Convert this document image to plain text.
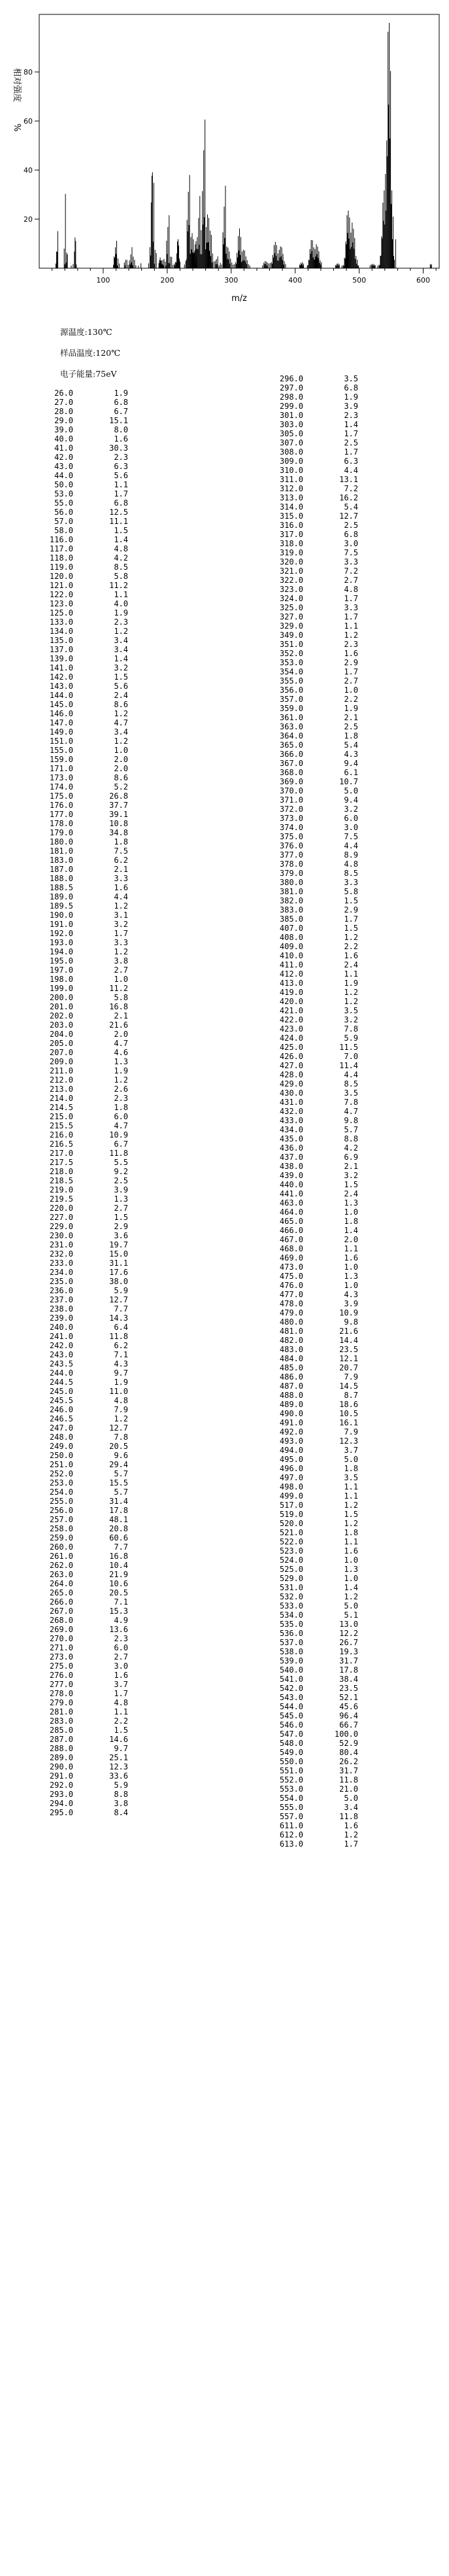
20
40
60
80
100	200	300	400	500	600
相对强度
%
m/z
源温度:130℃
样品温度:120℃
电子能量:75eV
26.0	1.9
27.0	6.8
28.0	6.7
29.0	15.1
39.0	8.0
40.0	1.6
41.0	30.3
42.0	2.3
43.0	6.3
44.0	5.6
50.0	1.1
53.0	1.7
55.0	6.8
56.0	12.5
57.0	11.1
58.0	1.5
116.0	1.4
117.0	4.8
118.0	4.2
119.0	8.5
120.0	5.8
121.0	11.2
122.0	1.1
123.0	4.0
125.0	1.9
133.0	2.3
134.0	1.2
135.0	3.4
137.0	3.4
139.0	1.4
141.0	3.2
142.0	1.5
143.0	5.6
144.0	2.4
145.0	8.6
146.0	1.2
147.0	4.7
149.0	3.4
151.0	1.2
155.0	1.0
159.0	2.0
171.0	2.0
173.0	8.6
174.0	5.2
175.0	26.8
176.0	37.7
177.0	39.1
178.0	10.8
179.0	34.8
180.0	1.8
181.0	7.5
183.0	6.2
187.0	2.1
188.0	3.3
188.5	1.6
189.0	4.4
189.5	1.2
190.0	3.1
191.0	3.2
192.0	1.7
193.0	3.3
194.0	1.2
195.0	3.8
197.0	2.7
198.0	1.0
199.0	11.2
200.0	5.8
201.0	16.8
202.0	2.1
203.0	21.6
204.0	2.0
205.0	4.7
207.0	4.6
209.0	1.3
211.0	1.9
212.0	1.2
213.0	2.6
214.0	2.3
214.5	1.8
215.0	6.0
215.5	4.7
216.0	10.9
216.5	6.7
217.0	11.8
217.5	5.5
218.0	9.2
218.5	2.5
219.0	3.9
219.5	1.3
220.0	2.7
227.0	1.5
229.0	2.9
230.0	3.6
231.0	19.7
232.0	15.0
233.0	31.1
234.0	17.6
235.0	38.0
236.0	5.9
237.0	12.7
238.0	7.7
239.0	14.3
240.0	6.4
241.0	11.8
242.0	6.2
243.0	7.1
243.5	4.3
244.0	9.7
244.5	1.9
245.0	11.0
245.5	4.8
246.0	7.9
246.5	1.2
247.0	12.7
248.0	7.8
249.0	20.5
250.0	9.6
251.0	29.4
252.0	5.7
253.0	15.5
254.0	5.7
255.0	31.4
256.0	17.8
257.0	48.1
258.0	20.8
259.0	60.6
260.0	7.7
261.0	16.8
262.0	10.4
263.0	21.9
264.0	10.6
265.0	20.5
266.0	7.1
267.0	15.3
268.0	4.9
269.0	13.6
270.0	2.3
271.0	6.0
273.0	2.7
275.0	3.0
276.0	1.6
277.0	3.7
278.0	1.7
279.0	4.8
281.0	1.1
283.0	2.2
285.0	1.5
287.0	14.6
288.0	9.7
289.0	25.1
290.0	12.3
291.0	33.6
292.0	5.9
293.0	8.8
294.0	3.8
295.0	8.4
296.0	3.5
297.0	6.8
298.0	1.9
299.0	3.9
301.0	2.3
303.0	1.4
305.0	1.7
307.0	2.5
308.0	1.7
309.0	6.3
310.0	4.4
311.0	13.1
312.0	7.2
313.0	16.2
314.0	5.4
315.0	12.7
316.0	2.5
317.0	6.8
318.0	3.0
319.0	7.5
320.0	3.3
321.0	7.2
322.0	2.7
323.0	4.8
324.0	1.7
325.0	3.3
327.0	1.7
329.0	1.1
349.0	1.2
351.0	2.3
352.0	1.6
353.0	2.9
354.0	1.7
355.0	2.7
356.0	1.0
357.0	2.2
359.0	1.9
361.0	2.1
363.0	2.5
364.0	1.8
365.0	5.4
366.0	4.3
367.0	9.4
368.0	6.1
369.0	10.7
370.0	5.0
371.0	9.4
372.0	3.2
373.0	6.0
374.0	3.0
375.0	7.5
376.0	4.4
377.0	8.9
378.0	4.8
379.0	8.5
380.0	3.3
381.0	5.8
382.0	1.5
383.0	2.9
385.0	1.7
407.0	1.5
408.0	1.2
409.0	2.2
410.0	1.6
411.0	2.4
412.0	1.1
413.0	1.9
419.0	1.2
420.0	1.2
421.0	3.5
422.0	3.2
423.0	7.8
424.0	5.9
425.0	11.5
426.0	7.0
427.0	11.4
428.0	4.4
429.0	8.5
430.0	3.5
431.0	7.8
432.0	4.7
433.0	9.8
434.0	5.7
435.0	8.8
436.0	4.2
437.0	6.9
438.0	2.1
439.0	3.2
440.0	1.5
441.0	2.4
463.0	1.3
464.0	1.0
465.0	1.8
466.0	1.4
467.0	2.0
468.0	1.1
469.0	1.6
473.0	1.0
475.0	1.3
476.0	1.0
477.0	4.3
478.0	3.9
479.0	10.9
480.0	9.8
481.0	21.6
482.0	14.4
483.0	23.5
484.0	12.1
485.0	20.7
486.0	7.9
487.0	14.5
488.0	8.7
489.0	18.6
490.0	10.5
491.0	16.1
492.0	7.9
493.0	12.3
494.0	3.7
495.0	5.0
496.0	1.8
497.0	3.5
498.0	1.1
499.0	1.1
517.0	1.2
519.0	1.5
520.0	1.2
521.0	1.8
522.0	1.1
523.0	1.6
524.0	1.0
525.0	1.3
529.0	1.0
531.0	1.4
532.0	1.2
533.0	5.0
534.0	5.1
535.0	13.0
536.0	12.2
537.0	26.7
538.0	19.3
539.0	31.7
540.0	17.8
541.0	38.4
542.0	23.5
543.0	52.1
544.0	45.6
545.0	96.4
546.0	66.7
547.0	100.0
548.0	52.9
549.0	80.4
550.0	26.2
551.0	31.7
552.0	11.8
553.0	21.0
554.0	5.0
555.0	3.4
557.0	11.8
611.0	1.6
612.0	1.2
613.0	1.7
